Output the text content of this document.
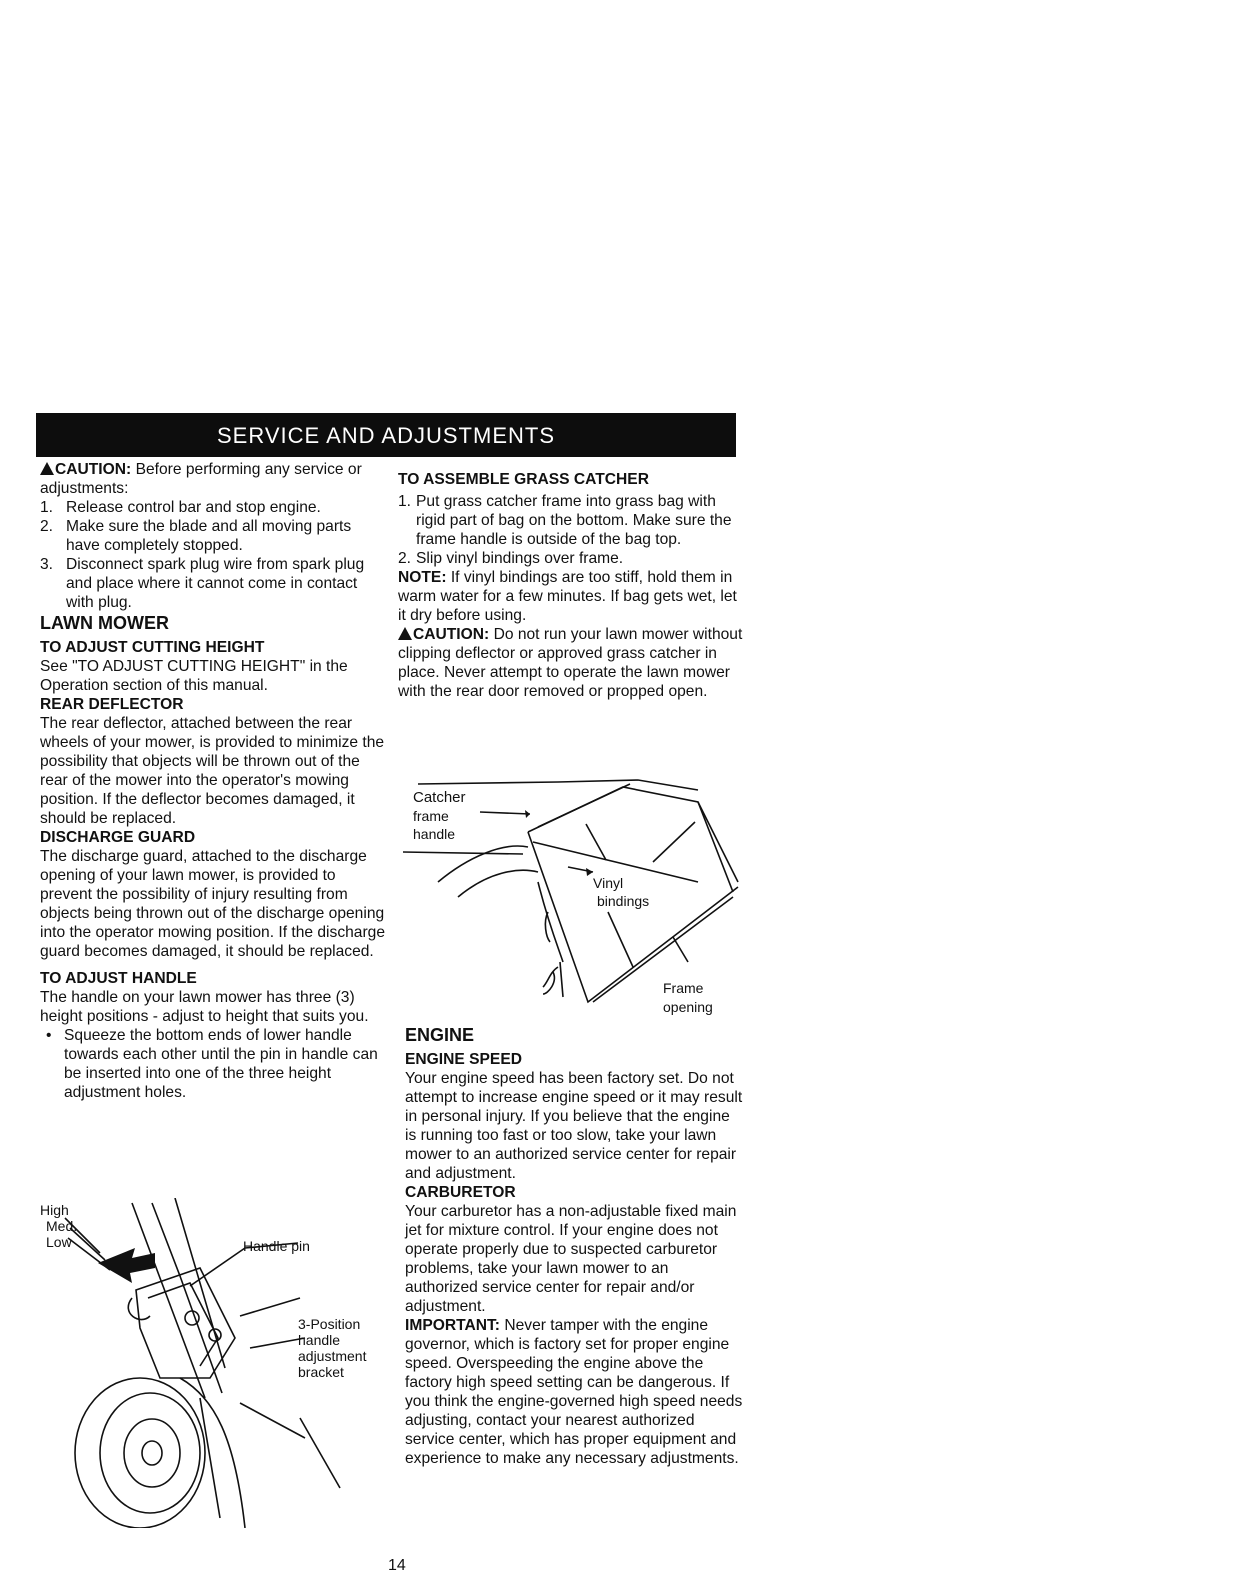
SERVICE AND ADJUSTMENTS

CAUTION: Before performing any service or adjustments:

1. Release control bar and stop engine.
2. Make sure the blade and all moving parts have completely stopped.
3. Disconnect spark plug wire from spark plug and place where it cannot come in contact with plug.

LAWN MOWER

TO ADJUST CUTTING HEIGHT

See "TO ADJUST CUTTING HEIGHT" in the Operation section of this manual.

REAR DEFLECTOR

The rear deflector, attached between the rear wheels of your mower, is provided to minimize the possibility that objects will be thrown out of the rear of the mower into the operator's mowing position. If the deflector becomes damaged, it should be replaced.

DISCHARGE GUARD

The discharge guard, attached to the discharge opening of your lawn mower, is provided to prevent the possibility of injury resulting from objects being thrown out of the discharge opening into the operator mowing position. If the discharge guard becomes damaged, it should be replaced.

TO ADJUST HANDLE

The handle on your lawn mower has three (3) height positions - adjust to height that suits you.

• Squeeze the bottom ends of lower handle towards each other until the pin in handle can be inserted into one of the three height adjustment holes.
High
Med.
Low	Handle pin
3-Position
handle
adjustment
bracket

TO ASSEMBLE GRASS CATCHER

1. Put grass catcher frame into grass bag with rigid part of bag on the bottom. Make sure the frame handle is outside of the bag top.
2. Slip vinyl bindings over frame.

NOTE: If vinyl bindings are too stiff, hold them in warm water for a few minutes. If bag gets wet, let it dry before using.

CAUTION: Do not run your lawn mower without clipping deflector or approved grass catcher in place. Never attempt to operate the lawn mower with the rear door removed or propped open.

Catcher
frame
handle
Vinyl
bindings
Frame
opening

ENGINE

ENGINE SPEED

Your engine speed has been factory set. Do not attempt to increase engine speed or it may result in personal injury. If you believe that the engine is running too fast or too slow, take your lawn mower to an authorized service center for repair and adjustment.

CARBURETOR

Your carburetor has a non-adjustable fixed main jet for mixture control. If your engine does not operate properly due to suspected carburetor problems, take your lawn mower to an authorized service center for repair and/or adjustment.

IMPORTANT: Never tamper with the engine governor, which is factory set for proper engine speed. Overspeeding the engine above the factory high speed setting can be dangerous. If you think the engine-governed high speed needs adjusting, contact your nearest authorized service center, which has proper equipment and experience to make any necessary adjustments.

14
